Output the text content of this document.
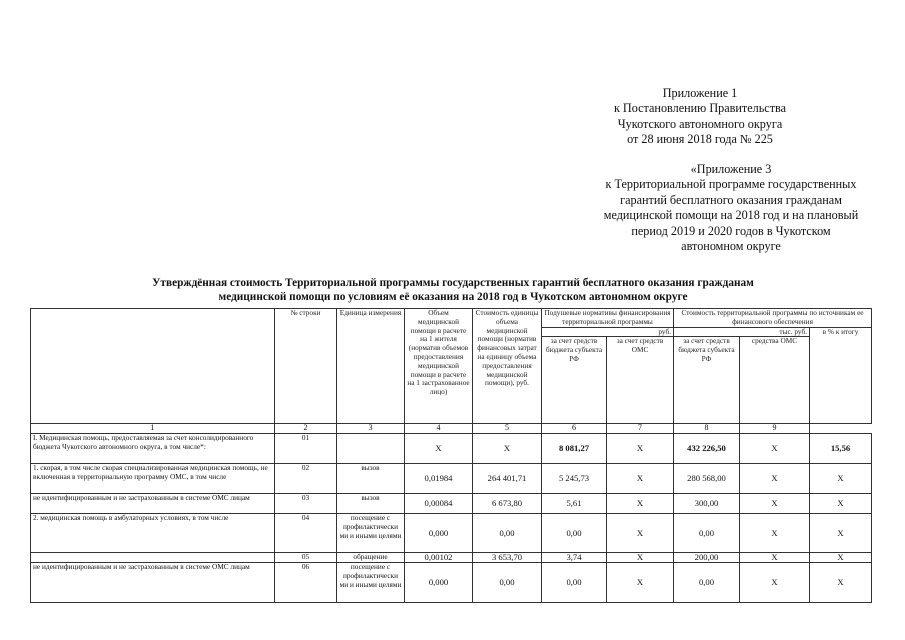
Приложение 1
к Постановлению Правительства
Чукотского автономного округа
от 28 июня 2018 года № 225
«Приложение 3
к Территориальной программе государственных
гарантий бесплатного оказания гражданам
медицинской помощи на 2018 год и на плановый
период 2019 и 2020 годов в Чукотском
автономном округе
Утверждённая стоимость Территориальной программы государственных гарантий бесплатного оказания гражданам
медицинской помощи по условиям её оказания на 2018 год в Чукотском автономном округе
	№ строки	Единица измерения	Объем медицинской помощи в расчете на 1 жителя (норматив объемов предоставления медицинской помощи в расчете на 1 застрахованное лицо)	Стоимость единицы объема медицинской помощи (норматив финансовых затрат на единицу объема предоставления медицинской помощи), руб.	Подушевые нормативы финансирования территориальной программы		Стоимость территориальной программы по источникам ее финансового обеспечения		
					руб.		тыс. руб.		в % к итогу
					за счет средств бюджета субъекта РФ	за счет средств ОМС	за счет средств бюджета субъекта РФ	средства ОМС	
1	2	3	4	5	6	7	8	9	
I. Медицинская помощь, предоставляемая за счет консолидированного бюджета Чукотского автономного округа, в том числе*:	01		X	X	8 081,27	X	432 226,50	X	15,56
1. скорая, в том числе скорая специализированная медицинская помощь, не включенная в территориальную программу ОМС, в том числе	02	вызов	0,01984	264 401,71	5 245,73	X	280 568,00	X	X
не идентифицированным и не застрахованным в системе ОМС лицам	03	вызов	0,00084	6 673,80	5,61	X	300,00	X	X
2. медицинская помощь в амбулаторных условиях, в том числе	04	посещение с профилактически ми и иными целями	0,000	0,00	0,00	X	0,00	X	X
	05	обращение	0,00102	3 653,70	3,74	X	200,00	X	X
не идентифицированным и не застрахованным в системе ОМС лицам	06	посещение с профилактически ми и иными целями	0,000	0,00	0,00	X	0,00	X	X
